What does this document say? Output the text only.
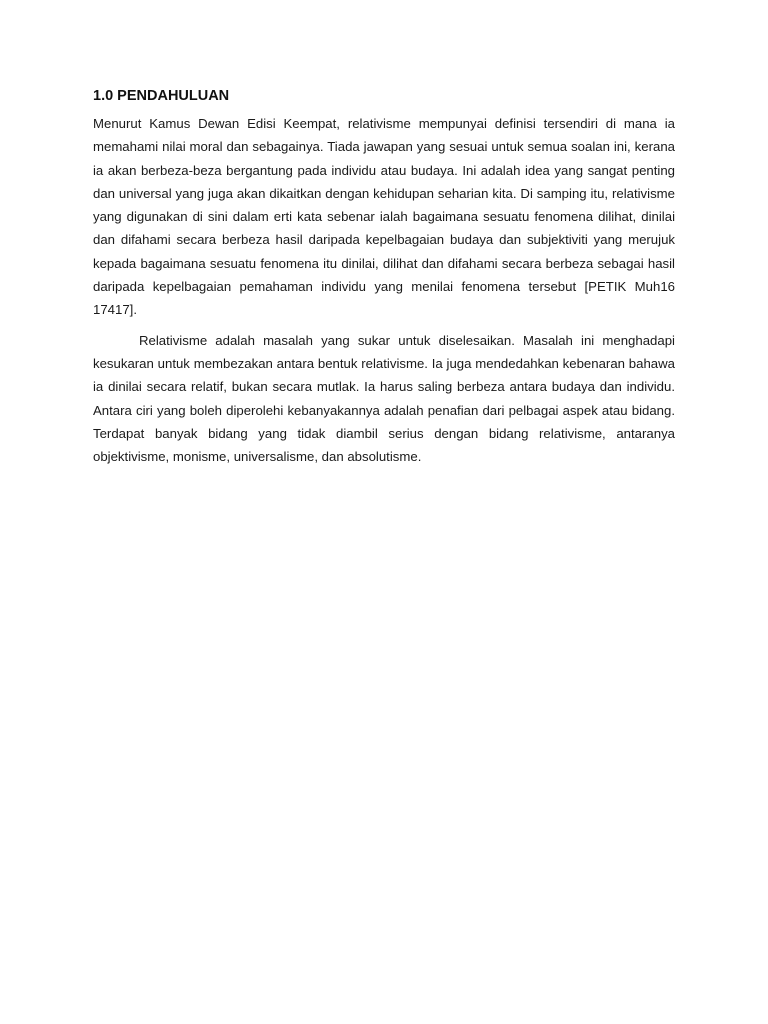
1.0 PENDAHULUAN

Menurut Kamus Dewan Edisi Keempat, relativisme mempunyai definisi tersendiri di mana ia memahami nilai moral dan sebagainya. Tiada jawapan yang sesuai untuk semua soalan ini, kerana ia akan berbeza-beza bergantung pada individu atau budaya. Ini adalah idea yang sangat penting dan universal yang juga akan dikaitkan dengan kehidupan seharian kita. Di samping itu, relativisme yang digunakan di sini dalam erti kata sebenar ialah bagaimana sesuatu fenomena dilihat, dinilai dan difahami secara berbeza hasil daripada kepelbagaian budaya dan subjektiviti yang merujuk kepada bagaimana sesuatu fenomena itu dinilai, dilihat dan difahami secara berbeza sebagai hasil daripada kepelbagaian pemahaman individu yang menilai fenomena tersebut [PETIK Muh16 17417].

Relativisme adalah masalah yang sukar untuk diselesaikan. Masalah ini menghadapi kesukaran untuk membezakan antara bentuk relativisme. Ia juga mendedahkan kebenaran bahawa ia dinilai secara relatif, bukan secara mutlak. Ia harus saling berbeza antara budaya dan individu. Antara ciri yang boleh diperolehi kebanyakannya adalah penafian dari pelbagai aspek atau bidang. Terdapat banyak bidang yang tidak diambil serius dengan bidang relativisme, antaranya objektivisme, monisme, universalisme, dan absolutisme.
